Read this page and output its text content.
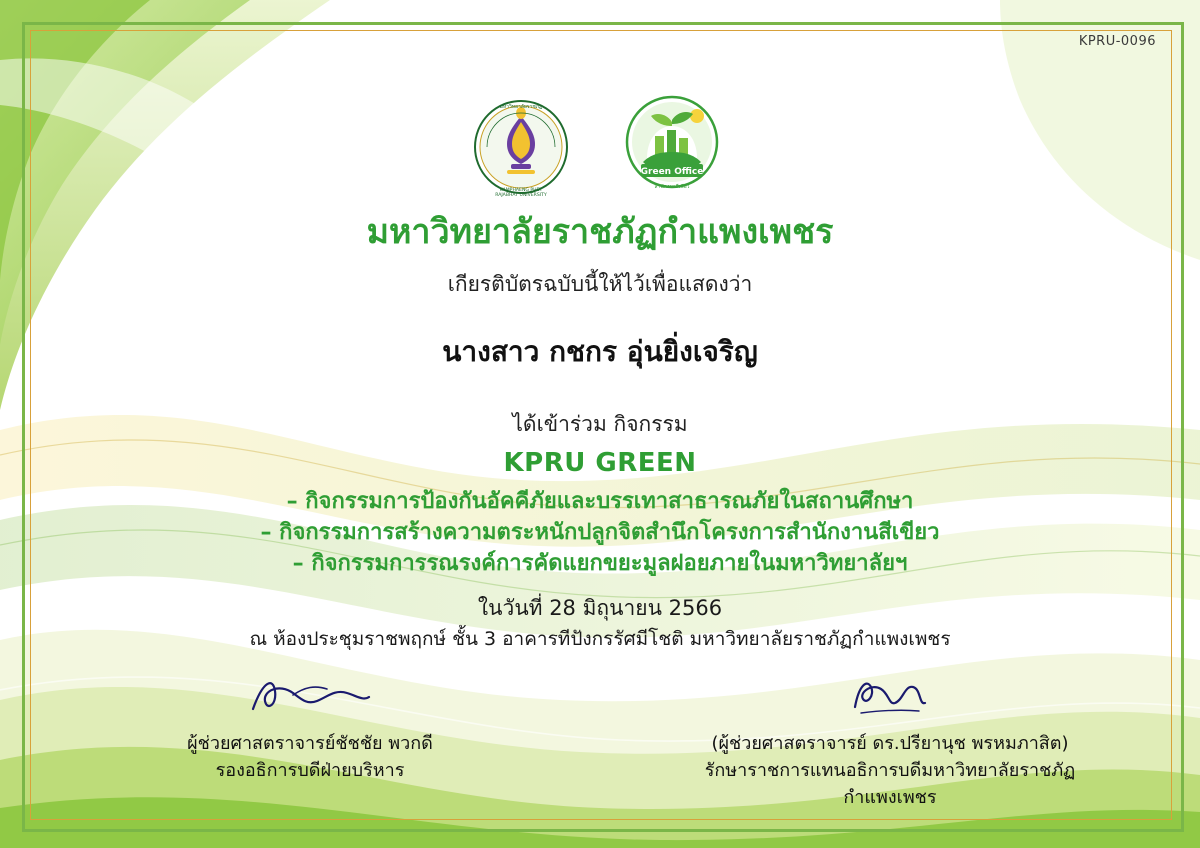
KPRU-0096
มหาวิทยาลัยราชภัฏ
KAMPHAENG PHET
RAJABHAT UNIVERSITY
Green Office
สำนักงานสีเขียว
มหาวิทยาลัยราชภัฏกำแพงเพชร
เกียรติบัตรฉบับนี้ให้ไว้เพื่อแสดงว่า
นางสาว กชกร อุ่นยิ่งเจริญ
ได้เข้าร่วม กิจกรรม
KPRU GREEN
– กิจกรรมการป้องกันอัคคีภัยและบรรเทาสาธารณภัยในสถานศึกษา
– กิจกรรมการสร้างความตระหนักปลูกจิตสำนึกโครงการสำนักงานสีเขียว
– กิจกรรมการรณรงค์การคัดแยกขยะมูลฝอยภายในมหาวิทยาลัยฯ
ในวันที่ 28 มิถุนายน 2566
ณ ห้องประชุมราชพฤกษ์ ชั้น 3 อาคารทีปังกรรัศมีโชติ มหาวิทยาลัยราชภัฏกำแพงเพชร
ผู้ช่วยศาสตราจารย์ชัชชัย พวกดี
รองอธิการบดีฝ่ายบริหาร
(ผู้ช่วยศาสตราจารย์ ดร.ปรียานุช พรหมภาสิต)
รักษาราชการแทนอธิการบดีมหาวิทยาลัยราชภัฏกำแพงเพชร
